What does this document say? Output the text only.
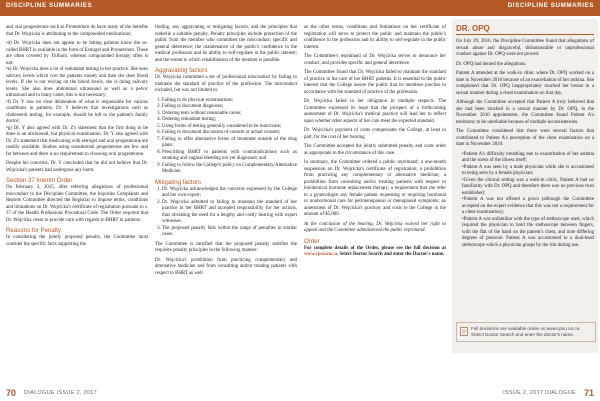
DISCIPLINE SUMMARIES	DISCIPLINE SUMMARIES
DR. OPQ

and oral progesterone such as Prometrium do have many of the benefits that Dr. Wojcicka is attributing to the compounded medications;

• d) Dr. Wojcicka does not appear to be letting patients know the so-called BHRT is available in the form of Estrogel and Prometrium. These are often covered by Trillium, whereas compounded therapy often is not;
• e) Dr. Wojcicka does a lot of redundant testing in her practice. She does salivary levels which cost the patients money and then she does blood levels. If she is not relying on the blood levels, she is doing salivary levels. She also does abdominal ultrasound as well as a pelvic ultrasound and in many cases, this is not necessary;
• f) Dr. Y saw no clear delineation of what is responsible for various conditions in patients. Dr. Y believes that investigations such as cholesterol testing, for example, should be left to the patient's family doctor;
• g) Dr. Y also agreed with Dr. Z's statement that the first thing to be done is an ultrasound, but physical examination. Dr. Y also agreed with Dr. Z's statement that medicating with estrogel and oral progesterone are readily available. Studies using transdermal progesterone are few and far between and there is no requirement to choosing oral progesterone.

Despite his concerns, Dr. Y concluded that he did not believe that Dr. Wojcicka's patients had undergone any harm.

Section 37 Interim Order

On February 2, 2015, after referring allegations of professional misconduct to the Discipline Committee, the Inquiries Complaints and Reports Committee directed the Registrar to impose terms, conditions and limitations on Dr. Wojcicka's certificate of registration pursuant to s. 37 of the Health Professions Procedural Code. The Order required that Dr. Wojcicka cease to provide care with regards to BHRT to patients.

Reasons for Penalty

In considering the jointly proposed penalty, the Committee must consider the specific facts supporting the

finding, any aggravating or mitigating factors, and the principles that underlie a suitable penalty. Penalty principles include protection of the public from the member who committed the misconduct; specific and general deterrence; the maintenance of the public's confidence in the medical profession and its ability to self-regulate in the public interest; and the extent to which rehabilitation of the member is possible.

Aggravating factors

Dr. Wojcicka committed a set of professional misconduct by failing to maintain the standard of practice of the profession. The misconduct included, but was not limited to:

1. Failing to do physical examinations;
2. Failing to document diagnoses;
3. Ordering tests without reasonable cause;
4. Ordering redundant testing;
5. Using forms of testing generally considered to be inaccurate;
6. Failing to document discussion of consent or actual consent;
7. Failing to offer alternative forms of treatment outside of the drug plans;
8. Prescribing BHRT to patients with contraindications such as smoking and vaginal bleeding not yet diagnosed; and
9. Failing to follow the College's policy on Complementary/Alternative Medicine.
Mitigating factors
1. Dr. Wojcicka acknowledged the concerns expressed by the College and her own expert;
2. Dr. Wojcicka admitted to failing to maintain the standard of her practice in her BHRT and accepted responsibility for her actions, thus obviating the need for a lengthy and costly hearing with expert witnesses.
3. The proposed penalty falls within the range of penalties in similar cases.

The Committee is satisfied that the proposed penalty satisfies the requisite penalty principles in the following manner:

Dr. Wojcicka's prohibition from practicing complementary and alternative medicine and from consulting and/or treating patients with respect to BHRT as well

as the other terms, conditions and limitations on her certificate of registration will serve to protect the public and maintain the public's confidence in the profession and its ability to self-regulate in the public interest.

The Committee's reprimand of Dr. Wojcicka serves to denounce her conduct, and provides specific and general deterrence.

The Committee found that Dr. Wojcicka failed to maintain the standard of practice in the care of her BHRT patients. It is essential to the public interest that the College assure the public that its members practise in accordance with the standard of practice of the profession.

Dr. Wojcicka failed in her obligation in multiple respects. The Committee expressed its hope that the prospect of a forthcoming assessment of Dr. Wojcicka's medical practice will lead her to reflect upon whether other aspects of her care meet the expected standard.

Dr. Wojcicka's payment of costs compensates the College, at least in part, for the cost of her hearing.

The Committee accepted the jointly submitted penalty and costs order as appropriate in the circumstance of this case.

In summary, the Committee ordered a public reprimand; a one-month suspension on Dr. Wojcicka's certificate of registration; a prohibition from practicing any complementary or alternative medicine; a prohibition from consulting and/or treating patients with respect to bioidentical hormone replacement therapy; a requirement that she refer to a gynecologist any female patient requesting or requiring hormonal or nonhormonal care for perimenopausal or menopausal symptoms; an assessment of Dr. Wojcicka's practice; and costs to the College in the amount of $5,000.

At the conclusion of the hearing, Dr. Wojcicka waived her right to appeal and the Committee administered the public reprimand.

Order

For complete details of the Order, please see the full decision at www.cpso.on.ca. Select Doctor Search and enter the Doctor's name.

On July 29, 2016, the Discipline Committee found that allegations of sexual abuse and disgraceful, dishonourable or unprofessional conduct against Dr. OPQ were not proved.

Dr. OPQ had denied the allegations.

Patient A attended at the walk-in clinic where Dr. OPQ worked on a date in November 2010 because of an exacerbation of her asthma. She complained that Dr. OPQ inappropriately touched her breast in a sexual manner during a chest examination on that day.

Although the Committee accepted that Patient A truly believed that she had been touched in a sexual manner by Dr. OPQ, in the November 2010 appointment, the Committee found Patient A's testimony to be unreliable because of multiple inconsistencies.

The Committee considered that there were several factors that contributed to Patient A's perception of the chest examination on a date in November 2010:

• Patient A's difficulty breathing due to exacerbation of her asthma and the stress of the illness itself;
• Patient A was seen by a male physician while she is accustomed to being seen by a female physician;
• Given the clinical setting was a walk-in clinic, Patient A had no familiarity with Dr. OPQ and therefore there was no previous trust established;
• Patient A was not offered a gown (although the Committee accepted on the expert evidence that this was not a requirement for a chest examination);
• Patient A was unfamiliar with the type of stethoscope used, which required the physician to hold the stethoscope between fingers, with the flat of the hand on the patient's chest, and note differing degrees of pressure. Patient A was accustomed to a dual-head stethoscope which a physician grasps by the rim during use.
Full decisions are available online at www.cpso.on.ca. Select Doctor Search and enter the doctor's name.
70 DIALOGUE ISSUE 2, 2017	ISSUE 2, 2017 DIALOGUE 71
